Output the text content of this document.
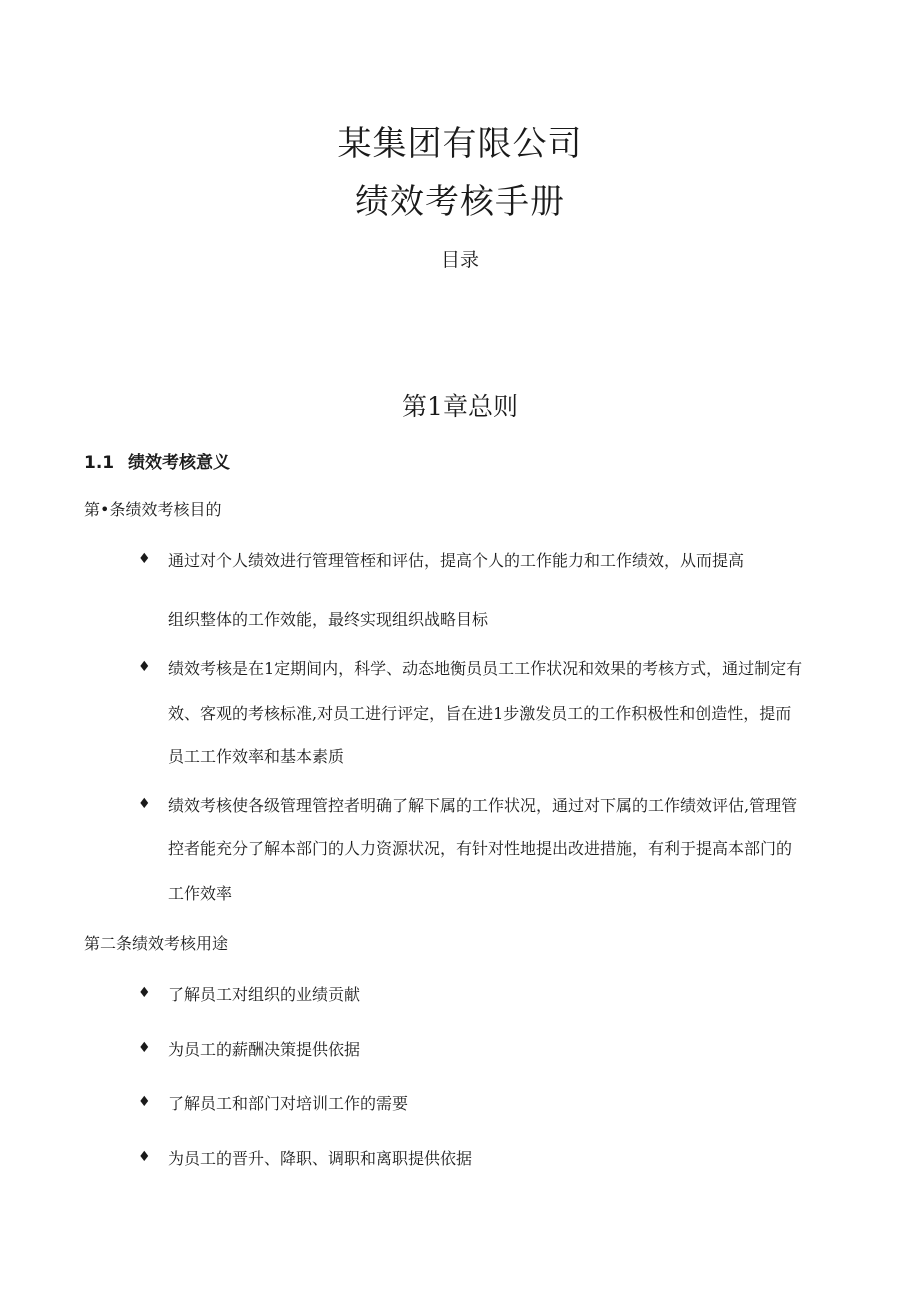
某集团有限公司
绩效考核手册
目录
第1章总则
1.1 绩效考核意义
第•条绩效考核目的
♦ 通过对个人绩效进行管理管桎和评估，提高个人的工作能力和工作绩效，从而提高
组织整体的工作效能，最终实现组织战略目标
♦ 绩效考核是在1定期间内，科学、动态地衡员员工工作状况和效果的考核方式，通过制定有
效、客观的考核标准,对员工进行评定，旨在进1步激发员工的工作积极性和创造性，提而
员工工作效率和基本素质
♦ 绩效考核使各级管理管控者明确了解下属的工作状况，通过对下属的工作绩效评估,管理管
控者能充分了解本部门的人力资源状况，有针对性地提出改进措施，有利于提高本部门的
工作效率
第二条绩效考核用途
♦ 了解员工对组织的业绩贡献
♦ 为员工的薪酬决策提供依据
♦ 了解员工和部门对培训工作的需要
♦ 为员工的晋升、降职、调职和离职提供依据
